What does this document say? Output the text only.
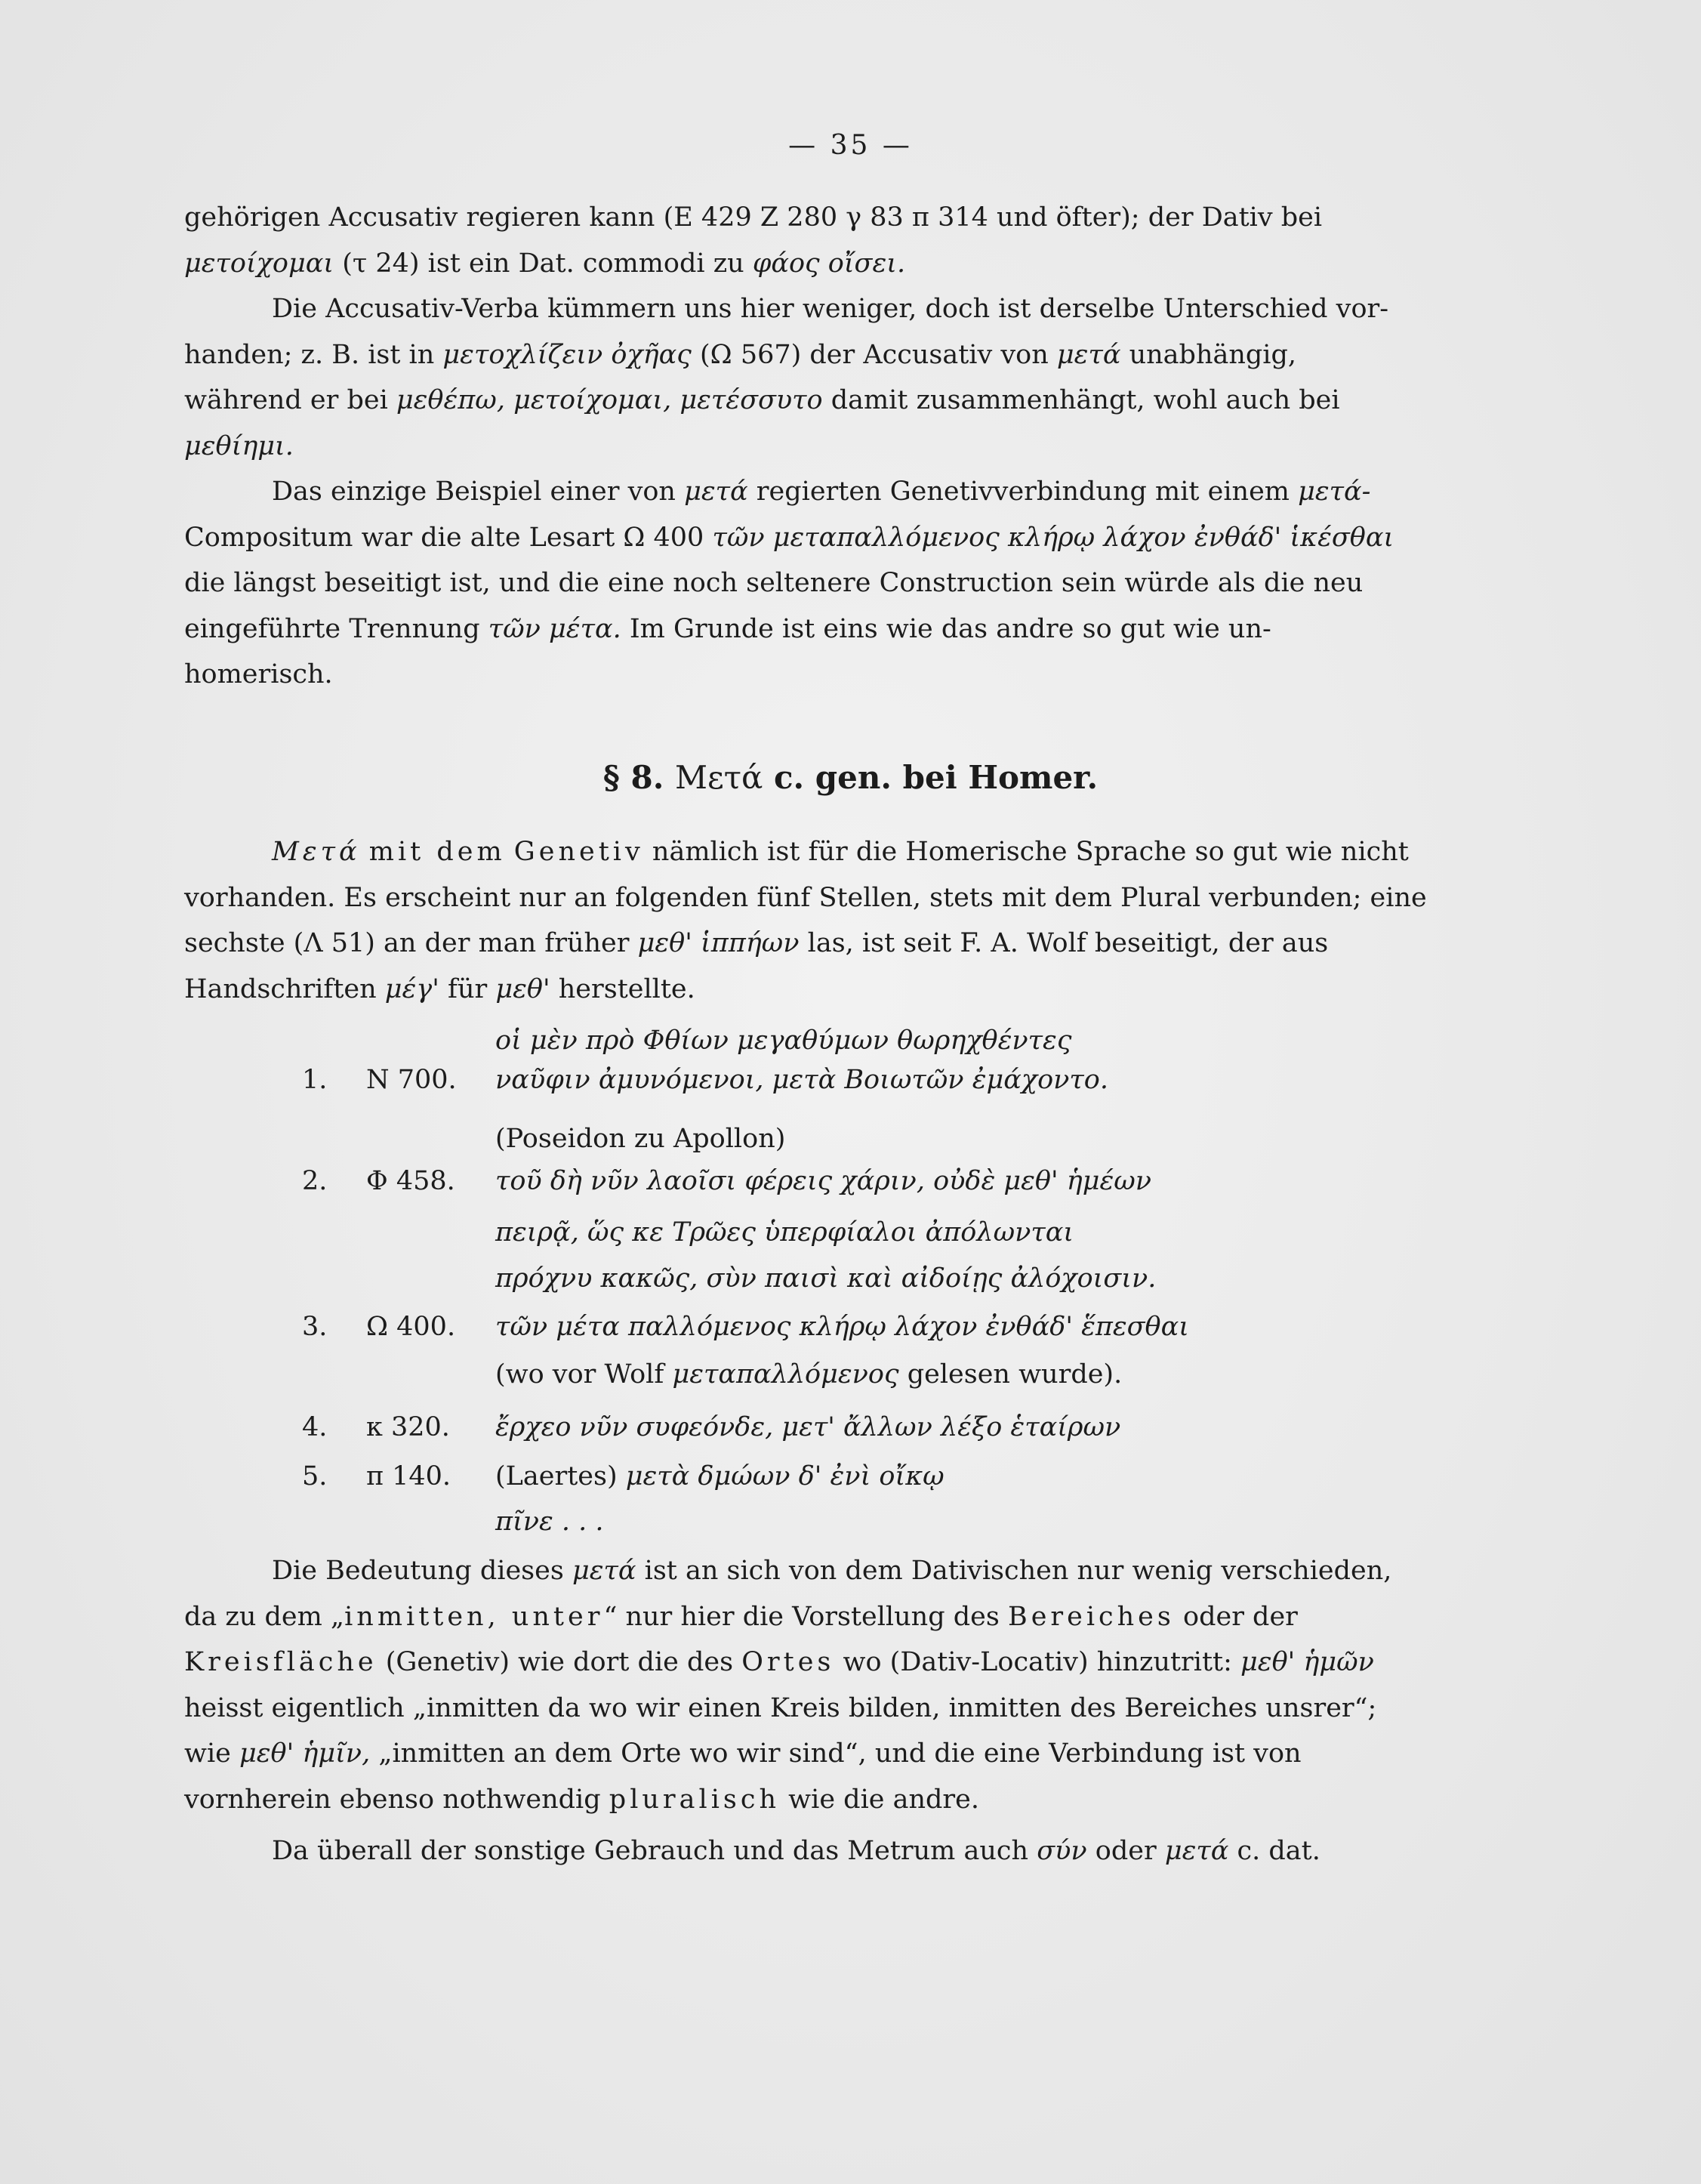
— 35 —

gehörigen Accusativ regieren kann (E 429 Z 280 γ 83 π 314 und öfter); der Dativ bei
μετοίχομαι (τ 24) ist ein Dat. commodi zu φάος οἴσει.

Die Accusativ-Verba kümmern uns hier weniger, doch ist derselbe Unterschied vor-
handen; z. B. ist in μετοχλίζειν ὀχῆας (Ω 567) der Accusativ von μετά unabhängig,
während er bei μεθέπω, μετοίχομαι, μετέσσυτο damit zusammenhängt, wohl auch bei
μεθίημι.

Das einzige Beispiel einer von μετά regierten Genetivverbindung mit einem μετά-
Compositum war die alte Lesart Ω 400 τῶν μεταπαλλόμενος κλήρῳ λάχον ἐνθάδ' ἱκέσθαι
die längst beseitigt ist, und die eine noch seltenere Construction sein würde als die neu
eingeführte Trennung τῶν μέτα. Im Grunde ist eins wie das andre so gut wie un-
homerisch.

§ 8. Μετά c. gen. bei Homer.

Μετά mit dem Genetiv nämlich ist für die Homerische Sprache so gut wie nicht
vorhanden. Es erscheint nur an folgenden fünf Stellen, stets mit dem Plural verbunden; eine
sechste (Λ 51) an der man früher μεθ' ἱππήων las, ist seit F. A. Wolf beseitigt, der aus
Handschriften μέγ' für μεθ' herstellte.

οἱ μὲν πρὸ Φθίων μεγαθύμων θωρηχθέντες
1. N 700. ναῦφιν ἀμυνόμενοι, μετὰ Βοιωτῶν ἐμάχοντο.
(Poseidon zu Apollon)
2. Φ 458. τοῦ δὴ νῦν λαοῖσι φέρεις χάριν, οὐδὲ μεθ' ἡμέων
πειρᾷ, ὥς κε Τρῶες ὑπερφίαλοι ἀπόλωνται
πρόχνυ κακῶς, σὺν παισὶ καὶ αἰδοίῃς ἀλόχοισιν.
3. Ω 400. τῶν μέτα παλλόμενος κλήρῳ λάχον ἐνθάδ' ἕπεσθαι
(wo vor Wolf μεταπαλλόμενος gelesen wurde).
4. κ 320. ἔρχεο νῦν συφεόνδε, μετ' ἄλλων λέξο ἑταίρων
5. π 140. (Laertes) μετὰ δμώων δ' ἐνὶ οἴκῳ
πῖνε . . .

Die Bedeutung dieses μετά ist an sich von dem Dativischen nur wenig verschieden,
da zu dem „inmitten, unter“ nur hier die Vorstellung des Bereiches oder der
Kreisfläche (Genetiv) wie dort die des Ortes wo (Dativ-Locativ) hinzutritt: μεθ' ἡμῶν
heisst eigentlich „inmitten da wo wir einen Kreis bilden, inmitten des Bereiches unsrer“;
wie μεθ' ἡμῖν, „inmitten an dem Orte wo wir sind“, und die eine Verbindung ist von
vornherein ebenso nothwendig pluralisch wie die andre.

Da überall der sonstige Gebrauch und das Metrum auch σύν oder μετά c. dat.
